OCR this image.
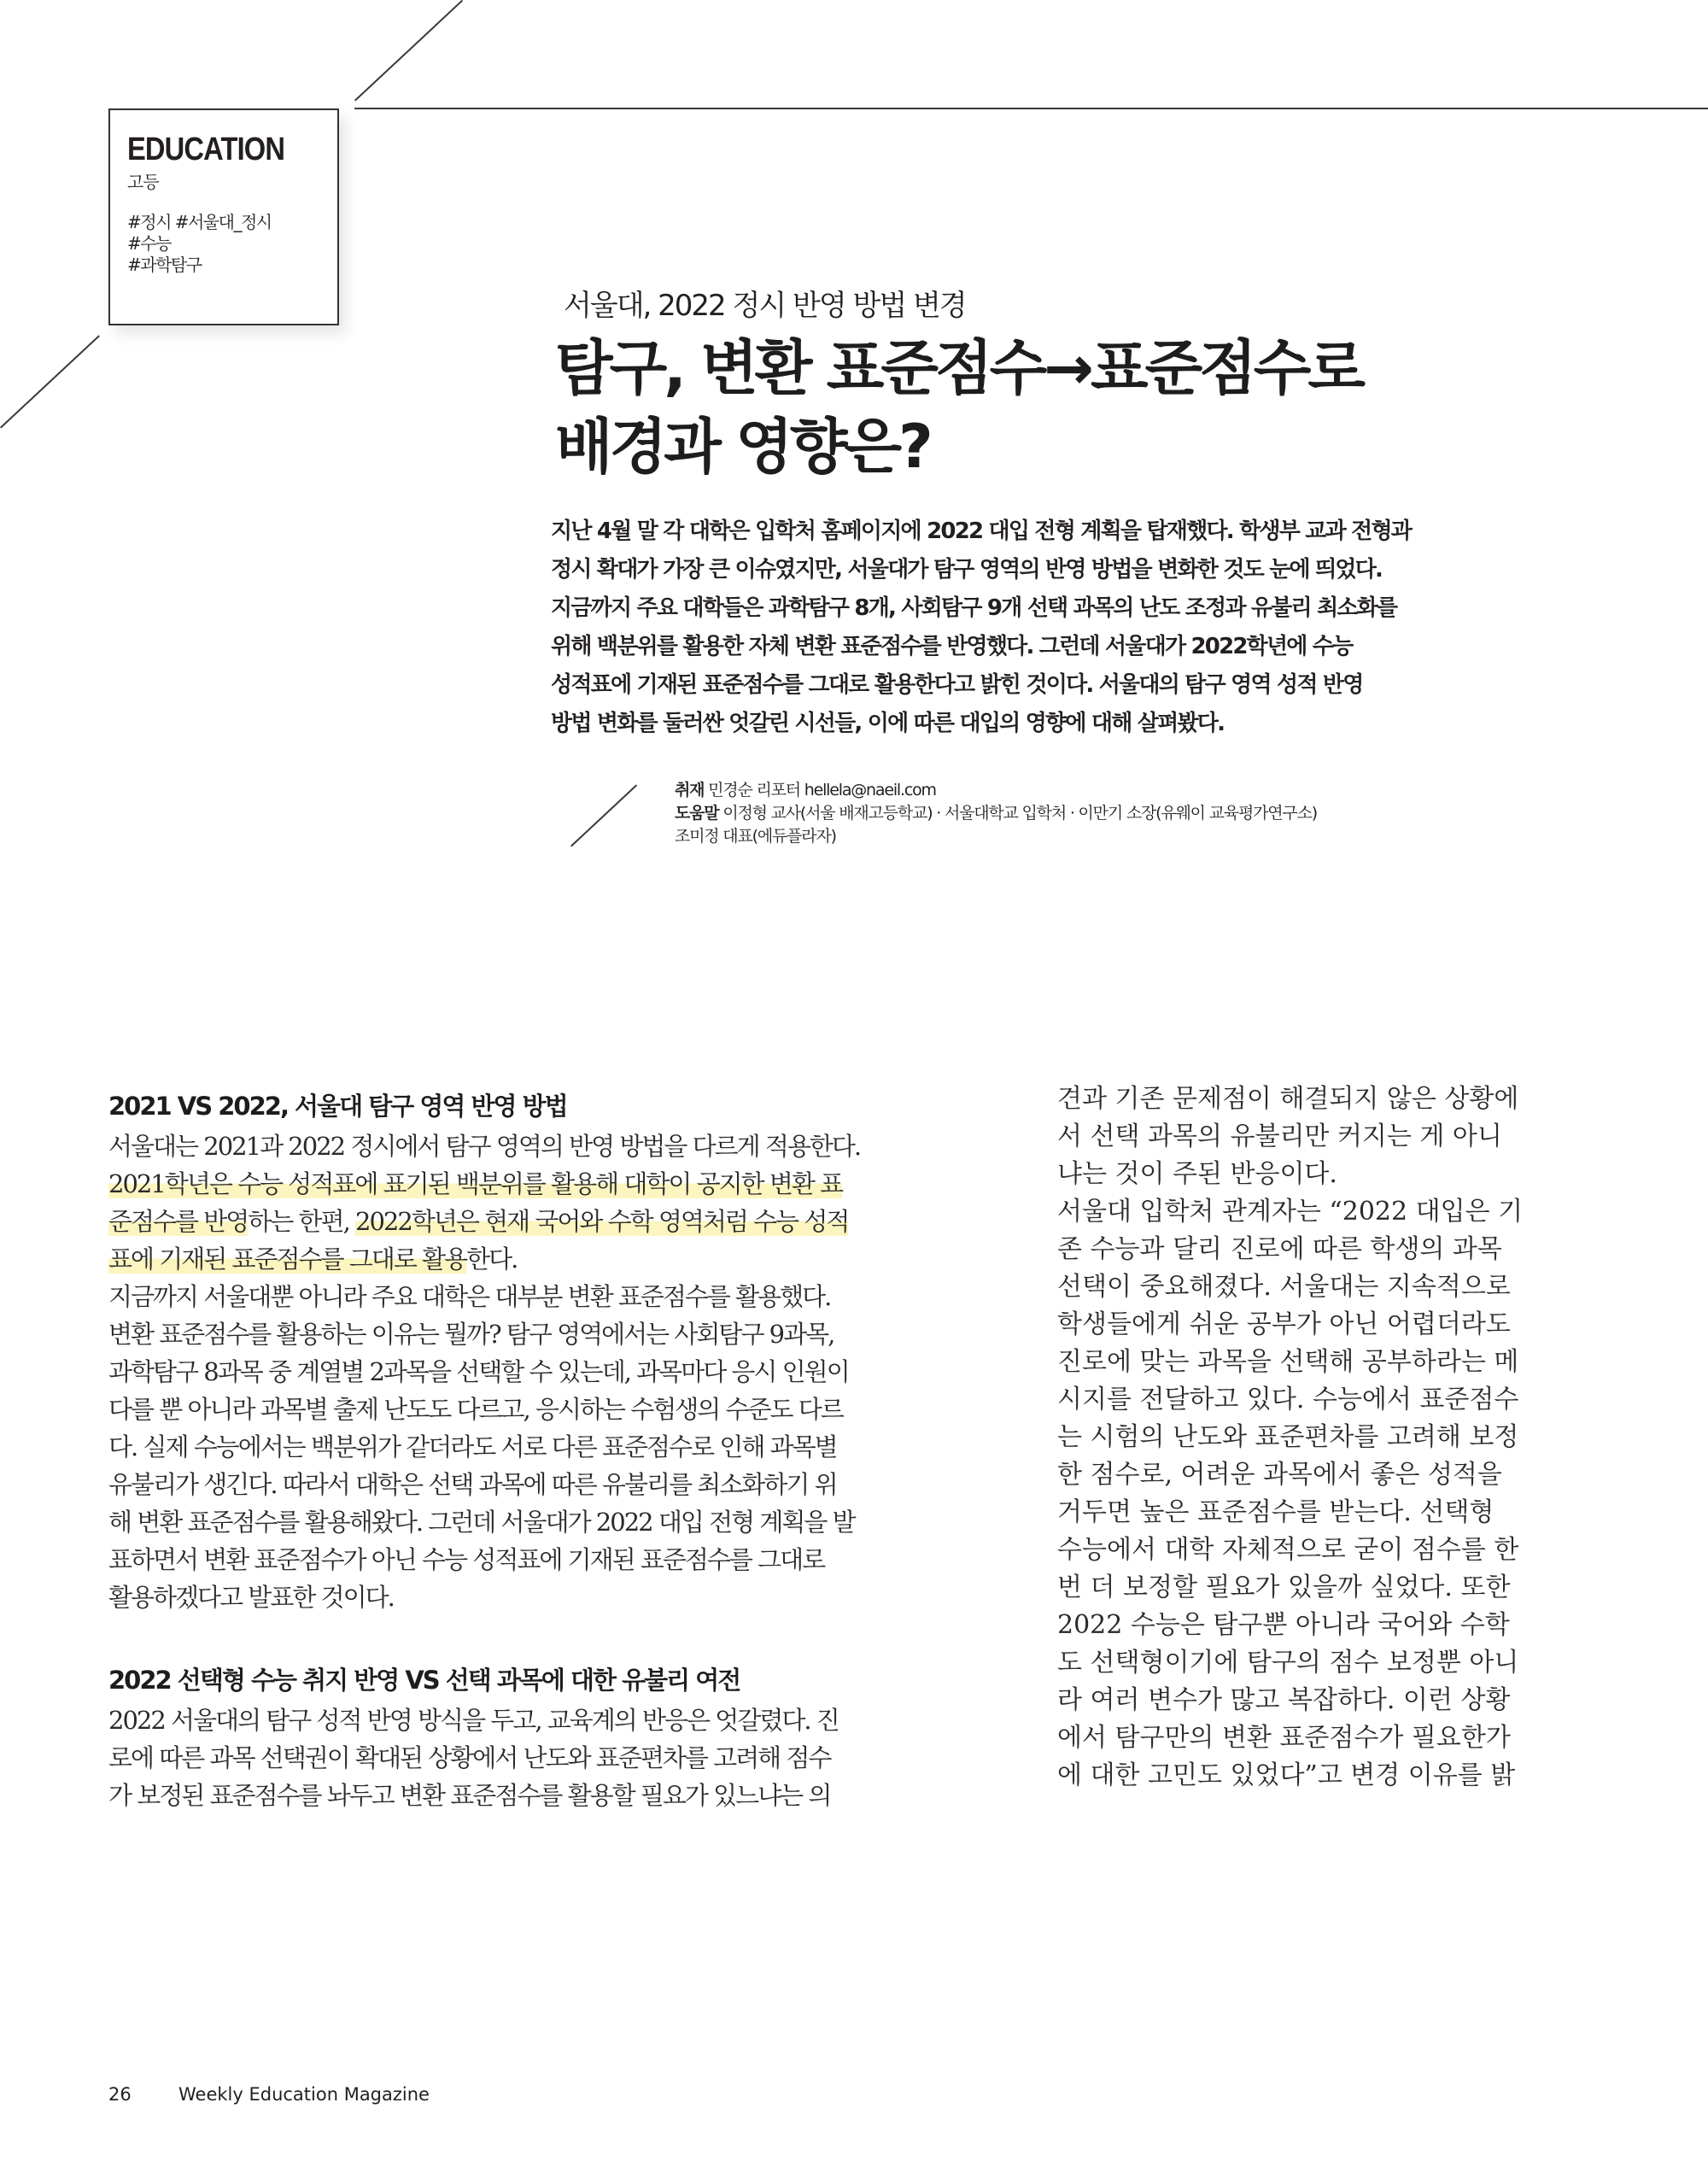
EDUCATION
고등
#정시 #서울대_정시
#수능
#과학탐구
서울대, 2022 정시 반영 방법 변경
탐구, 변환 표준점수→표준점수로
배경과 영향은?
지난 4월 말 각 대학은 입학처 홈페이지에 2022 대입 전형 계획을 탑재했다. 학생부 교과 전형과
정시 확대가 가장 큰 이슈였지만, 서울대가 탐구 영역의 반영 방법을 변화한 것도 눈에 띄었다.
지금까지 주요 대학들은 과학탐구 8개, 사회탐구 9개 선택 과목의 난도 조정과 유불리 최소화를
위해 백분위를 활용한 자체 변환 표준점수를 반영했다. 그런데 서울대가 2022학년에 수능
성적표에 기재된 표준점수를 그대로 활용한다고 밝힌 것이다. 서울대의 탐구 영역 성적 반영
방법 변화를 둘러싼 엇갈린 시선들, 이에 따른 대입의 영향에 대해 살펴봤다.
취재 민경순 리포터 hellela@naeil.com
도움말 이정형 교사(서울 배재고등학교) · 서울대학교 입학처 · 이만기 소장(유웨이 교육평가연구소)
조미정 대표(에듀플라자)
2021 VS 2022, 서울대 탐구 영역 반영 방법
서울대는 2021과 2022 정시에서 탐구 영역의 반영 방법을 다르게 적용한다.
2021학년은 수능 성적표에 표기된 백분위를 활용해 대학이 공지한 변환 표
준점수를 반영하는 한편, 2022학년은 현재 국어와 수학 영역처럼 수능 성적
표에 기재된 표준점수를 그대로 활용한다.
지금까지 서울대뿐 아니라 주요 대학은 대부분 변환 표준점수를 활용했다.
변환 표준점수를 활용하는 이유는 뭘까? 탐구 영역에서는 사회탐구 9과목,
과학탐구 8과목 중 계열별 2과목을 선택할 수 있는데, 과목마다 응시 인원이
다를 뿐 아니라 과목별 출제 난도도 다르고, 응시하는 수험생의 수준도 다르
다. 실제 수능에서는 백분위가 같더라도 서로 다른 표준점수로 인해 과목별
유불리가 생긴다. 따라서 대학은 선택 과목에 따른 유불리를 최소화하기 위
해 변환 표준점수를 활용해왔다. 그런데 서울대가 2022 대입 전형 계획을 발
표하면서 변환 표준점수가 아닌 수능 성적표에 기재된 표준점수를 그대로
활용하겠다고 발표한 것이다.
2022 선택형 수능 취지 반영 VS 선택 과목에 대한 유불리 여전
2022 서울대의 탐구 성적 반영 방식을 두고, 교육계의 반응은 엇갈렸다. 진
로에 따른 과목 선택권이 확대된 상황에서 난도와 표준편차를 고려해 점수
가 보정된 표준점수를 놔두고 변환 표준점수를 활용할 필요가 있느냐는 의
견과 기존 문제점이 해결되지 않은 상황에
서 선택 과목의 유불리만 커지는 게 아니
냐는 것이 주된 반응이다.
서울대 입학처 관계자는 “2022 대입은 기
존 수능과 달리 진로에 따른 학생의 과목
선택이 중요해졌다. 서울대는 지속적으로
학생들에게 쉬운 공부가 아닌 어렵더라도
진로에 맞는 과목을 선택해 공부하라는 메
시지를 전달하고 있다. 수능에서 표준점수
는 시험의 난도와 표준편차를 고려해 보정
한 점수로, 어려운 과목에서 좋은 성적을
거두면 높은 표준점수를 받는다. 선택형
수능에서 대학 자체적으로 굳이 점수를 한
번 더 보정할 필요가 있을까 싶었다. 또한
2022 수능은 탐구뿐 아니라 국어와 수학
도 선택형이기에 탐구의 점수 보정뿐 아니
라 여러 변수가 많고 복잡하다. 이런 상황
에서 탐구만의 변환 표준점수가 필요한가
에 대한 고민도 있었다”고 변경 이유를 밝
26	Weekly Education Magazine
